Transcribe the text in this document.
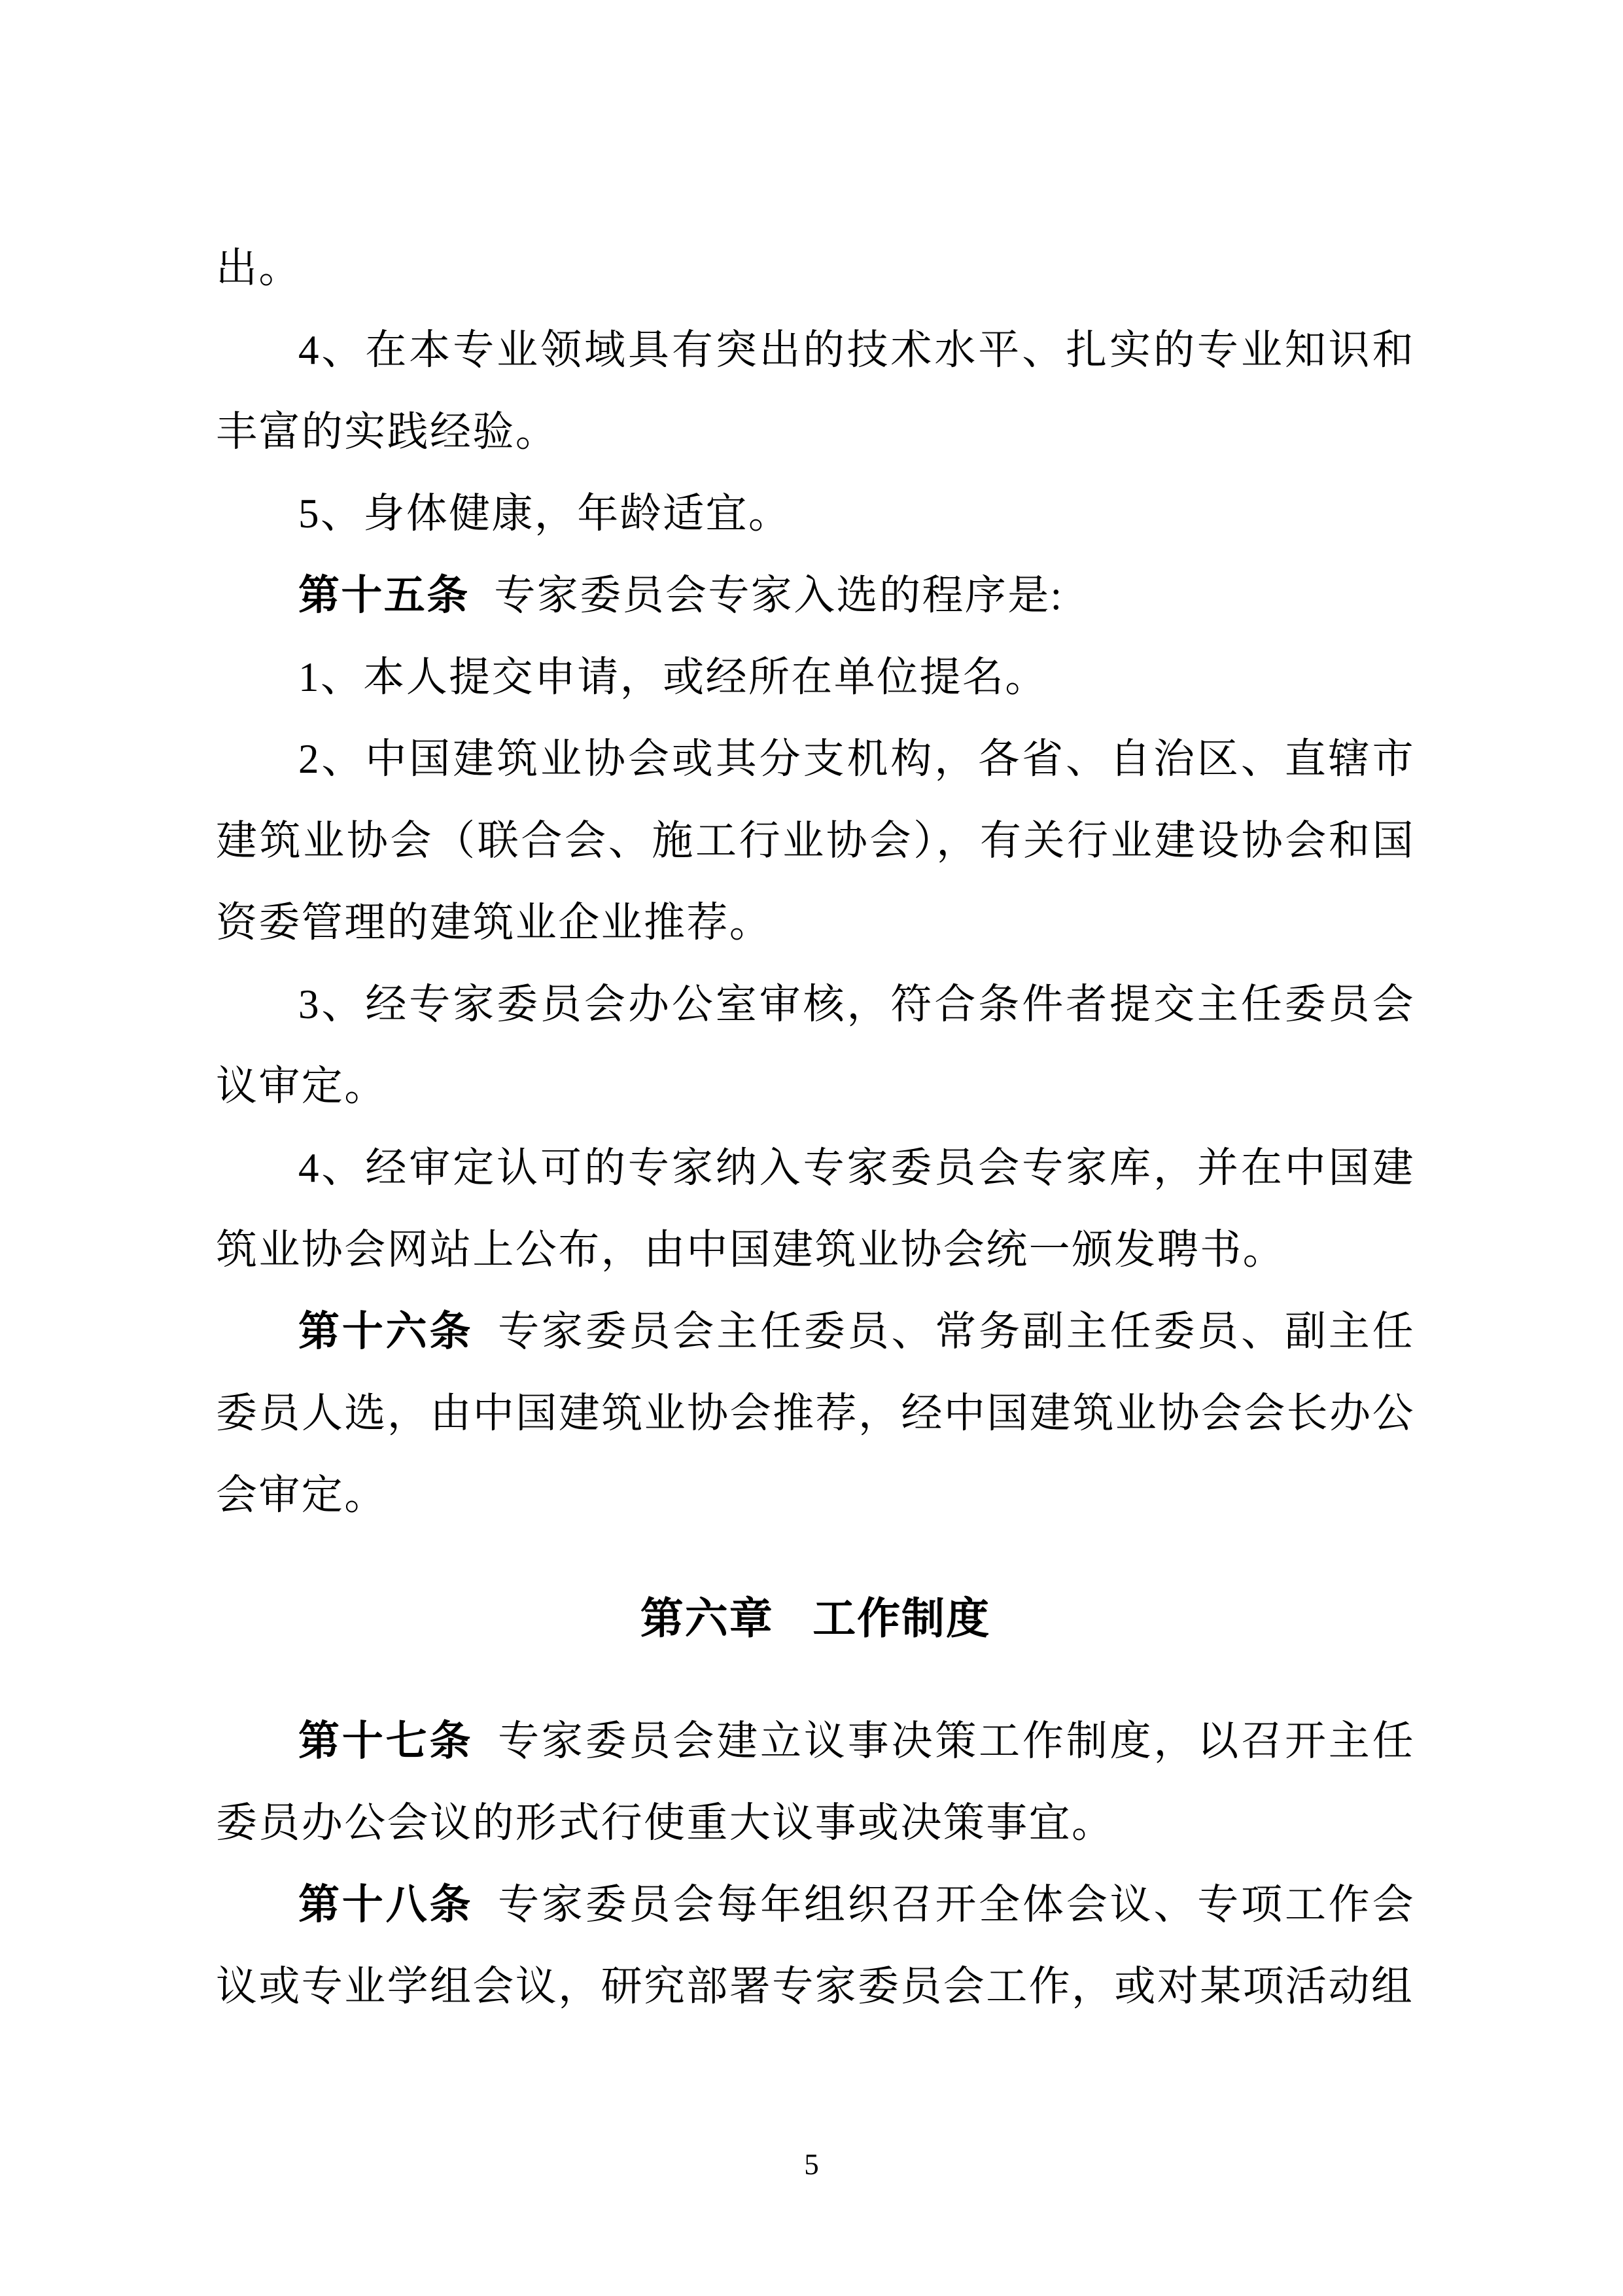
出。

4、在本专业领域具有突出的技术水平、扎实的专业知识和丰富的实践经验。

5、身体健康，年龄适宜。

第十五条 专家委员会专家入选的程序是:

1、本人提交申请，或经所在单位提名。

2、中国建筑业协会或其分支机构，各省、自治区、直辖市建筑业协会（联合会、施工行业协会），有关行业建设协会和国资委管理的建筑业企业推荐。

3、经专家委员会办公室审核，符合条件者提交主任委员会议审定。

4、经审定认可的专家纳入专家委员会专家库，并在中国建筑业协会网站上公布，由中国建筑业协会统一颁发聘书。

第十六条 专家委员会主任委员、常务副主任委员、副主任委员人选，由中国建筑业协会推荐，经中国建筑业协会会长办公会审定。

第六章 工作制度

第十七条 专家委员会建立议事决策工作制度，以召开主任委员办公会议的形式行使重大议事或决策事宜。

第十八条 专家委员会每年组织召开全体会议、专项工作会议或专业学组会议，研究部署专家委员会工作，或对某项活动组

5
